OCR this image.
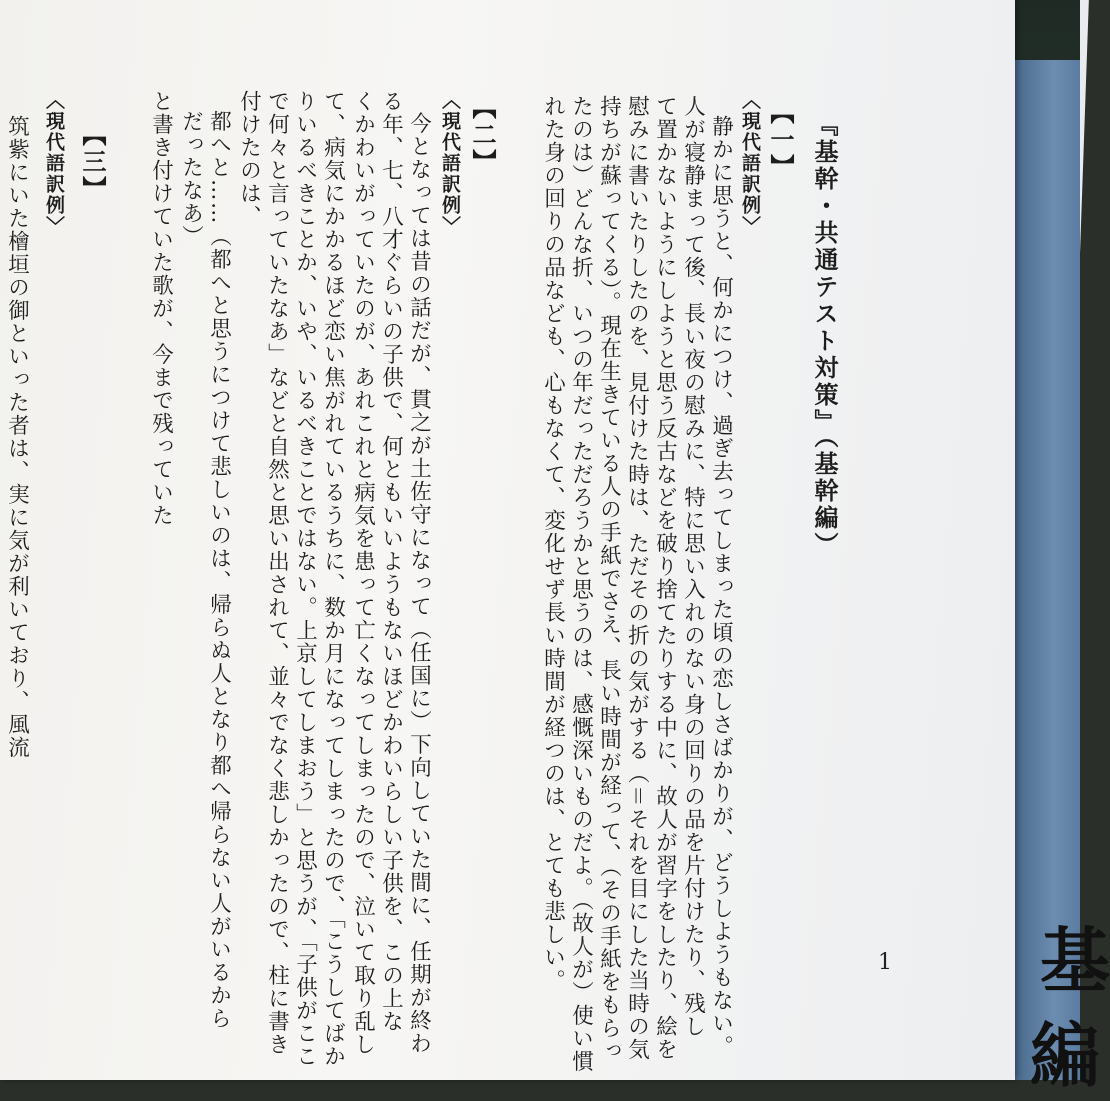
基
編
『基幹・共通テスト対策』（基幹編）
【一】
〈現代語訳例〉
静かに思うと、何かにつけ、過ぎ去ってしまった頃の恋しさばかりが、どうしようもない。
人が寝静まって後、長い夜の慰みに、特に思い入れのない身の回りの品を片付けたり、残し
て置かないようにしようと思う反古などを破り捨てたりする中に、故人が習字をしたり、絵を
慰みに書いたりしたのを、見付けた時は、ただその折の気がする（＝それを目にした当時の気
持ちが蘇ってくる）。現在生きている人の手紙でさえ、長い時間が経って、（その手紙をもらっ
たのは）どんな折、いつの年だっただろうかと思うのは、感慨深いものだよ。（故人が）使い慣
れた身の回りの品なども、心もなくて、変化せず長い時間が経つのは、とても悲しい。
【二】
〈現代語訳例〉
今となっては昔の話だが、貫之が土佐守になって（任国に）下向していた間に、任期が終わ
る年、七、八才ぐらいの子供で、何ともいいようもないほどかわいらしい子供を、この上な
くかわいがっていたのが、あれこれと病気を患って亡くなってしまったので、泣いて取り乱し
て、病気にかかるほど恋い焦がれているうちに、数か月になってしまったので、「こうしてばか
りいるべきことか、いや、いるべきことではない。上京してしまおう」と思うが、「子供がここ
で何々と言っていたなあ」などと自然と思い出されて、並々でなく悲しかったので、柱に書き
付けたのは、
都へと……（都へと思うにつけて悲しいのは、帰らぬ人となり都へ帰らない人がいるから
だったなあ）
と書き付けていた歌が、今まで残っていた
【三】
〈現代語訳例〉
筑紫にいた檜垣の御といった者は、実に気が利いており、風流
1
